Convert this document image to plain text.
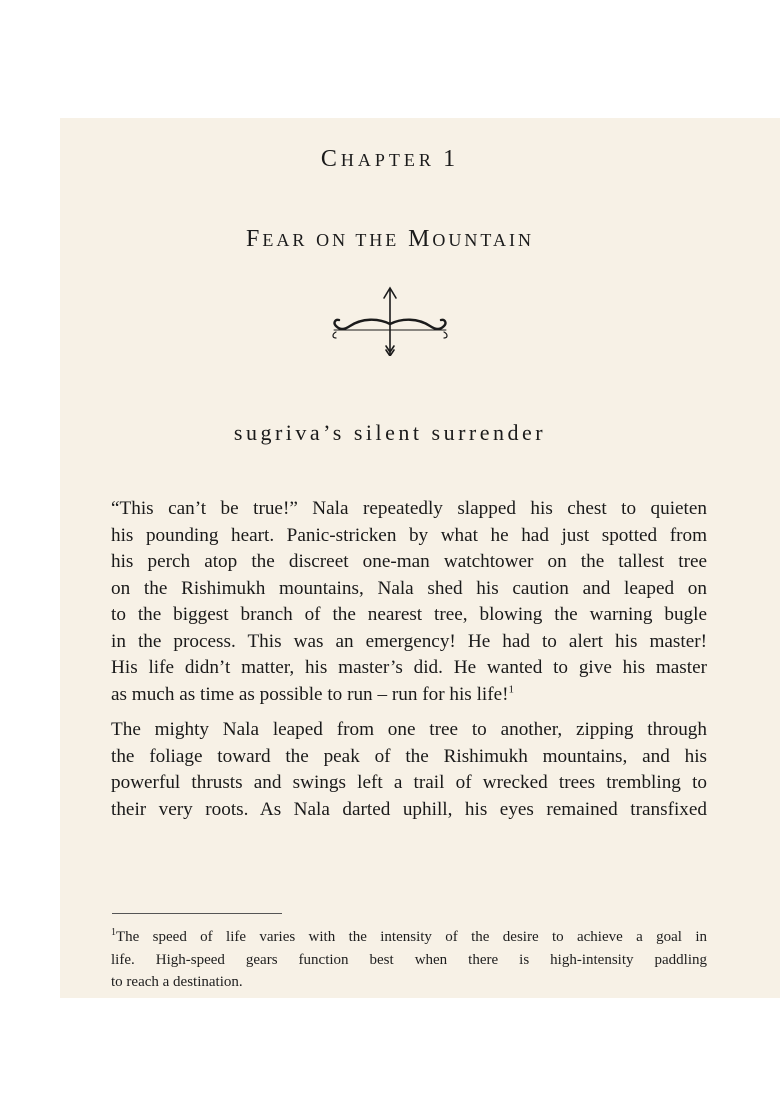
CHAPTER 1
FEAR ON THE MOUNTAIN
sugriva’s silent surrender

“This can’t be true!” Nala repeatedly slapped his chest to quieten
his pounding heart. Panic-stricken by what he had just spotted from
his perch atop the discreet one-man watchtower on the tallest tree
on the Rishimukh mountains, Nala shed his caution and leaped on
to the biggest branch of the nearest tree, blowing the warning bugle
in the process. This was an emergency! He had to alert his master!
His life didn’t matter, his master’s did. He wanted to give his master
as much as time as possible to run – run for his life!$^1$

The mighty Nala leaped from one tree to another, zipping through
the foliage toward the peak of the Rishimukh mountains, and his
powerful thrusts and swings left a trail of wrecked trees trembling to
their very roots. As Nala darted uphill, his eyes remained transfixed

$^1$The speed of life varies with the intensity of the desire to achieve a goal in
life. High-speed gears function best when there is high-intensity paddling
to reach a destination.
